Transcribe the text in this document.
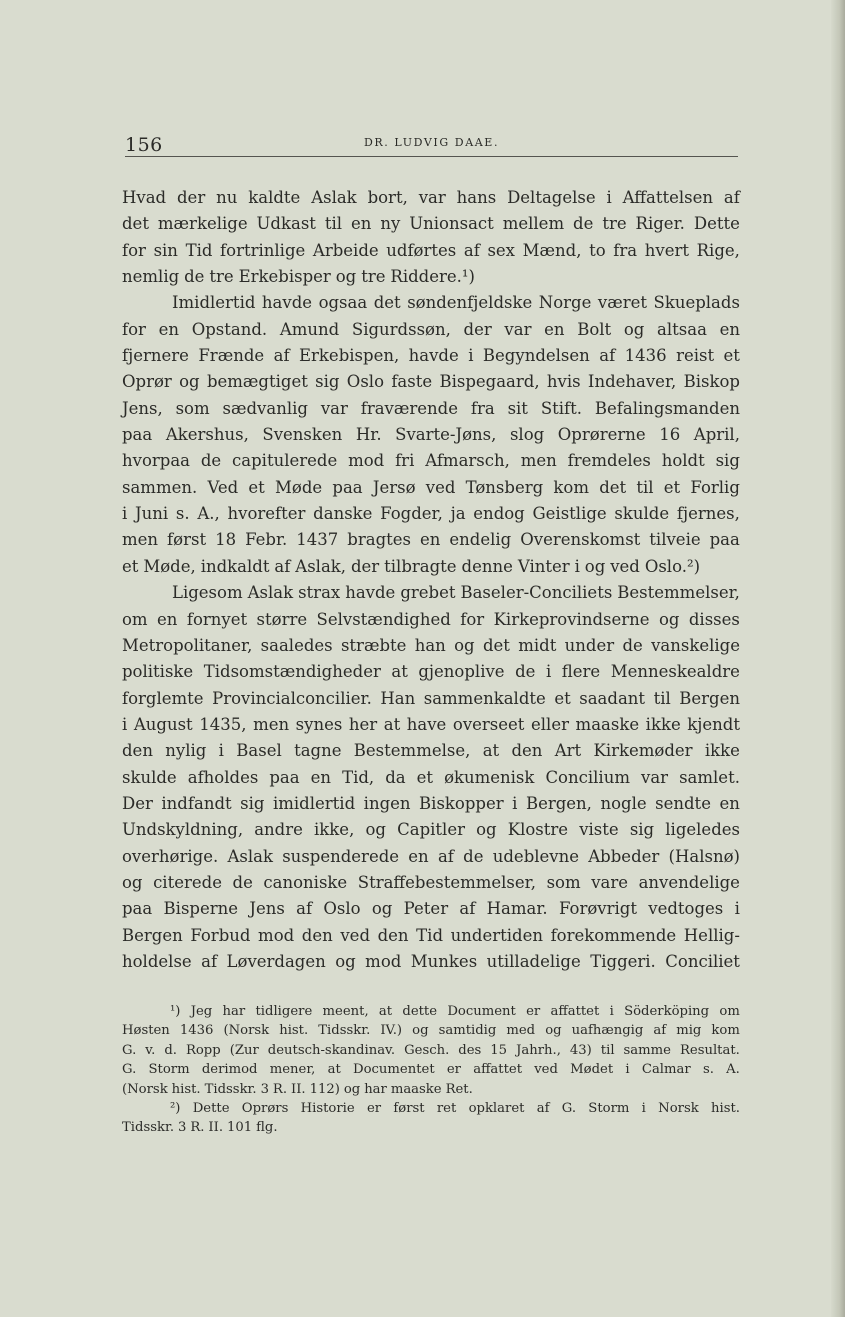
156	DR. LUDVIG DAAE.
Hvad der nu kaldte Aslak bort, var hans Deltagelse i Affattelsen af
det mærkelige Udkast til en ny Unionsact mellem de tre Riger. Dette
for sin Tid fortrinlige Arbeide udførtes af sex Mænd, to fra hvert Rige,
nemlig de tre Erkebisper og tre Riddere.¹)
Imidlertid havde ogsaa det søndenfjeldske Norge været Skueplads
for en Opstand. Amund Sigurdssøn, der var en Bolt og altsaa en
fjernere Frænde af Erkebispen, havde i Begyndelsen af 1436 reist et
Oprør og bemægtiget sig Oslo faste Bispegaard, hvis Indehaver, Biskop
Jens, som sædvanlig var fraværende fra sit Stift. Befalingsmanden
paa Akershus, Svensken Hr. Svarte-Jøns, slog Oprørerne 16 April,
hvorpaa de capitulerede mod fri Afmarsch, men fremdeles holdt sig
sammen. Ved et Møde paa Jersø ved Tønsberg kom det til et Forlig
i Juni s. A., hvorefter danske Fogder, ja endog Geistlige skulde fjernes,
men først 18 Febr. 1437 bragtes en endelig Overenskomst tilveie paa
et Møde, indkaldt af Aslak, der tilbragte denne Vinter i og ved Oslo.²)
Ligesom Aslak strax havde grebet Baseler-Conciliets Bestemmelser,
om en fornyet større Selvstændighed for Kirkeprovindserne og disses
Metropolitaner, saaledes stræbte han og det midt under de vanskelige
politiske Tidsomstændigheder at gjenoplive de i flere Menneskealdre
forglemte Provincialconcilier. Han sammenkaldte et saadant til Bergen
i August 1435, men synes her at have overseet eller maaske ikke kjendt
den nylig i Basel tagne Bestemmelse, at den Art Kirkemøder ikke
skulde afholdes paa en Tid, da et økumenisk Concilium var samlet.
Der indfandt sig imidlertid ingen Biskopper i Bergen, nogle sendte en
Undskyldning, andre ikke, og Capitler og Klostre viste sig ligeledes
overhørige. Aslak suspenderede en af de udeblevne Abbeder (Halsnø)
og citerede de canoniske Straffebestemmelser, som vare anvendelige
paa Bisperne Jens af Oslo og Peter af Hamar. Forøvrigt vedtoges i
Bergen Forbud mod den ved den Tid undertiden forekommende Hellig-
holdelse af Løverdagen og mod Munkes utilladelige Tiggeri. Conciliet
¹) Jeg har tidligere meent, at dette Document er affattet i Söderköping om
Høsten 1436 (Norsk hist. Tidsskr. IV.) og samtidig med og uafhængig af mig kom
G. v. d. Ropp (Zur deutsch-skandinav. Gesch. des 15 Jahrh., 43) til samme Resultat.
G. Storm derimod mener, at Documentet er affattet ved Mødet i Calmar s. A.
(Norsk hist. Tidsskr. 3 R. II. 112) og har maaske Ret.
²) Dette Oprørs Historie er først ret opklaret af G. Storm i Norsk hist.
Tidsskr. 3 R. II. 101 flg.
